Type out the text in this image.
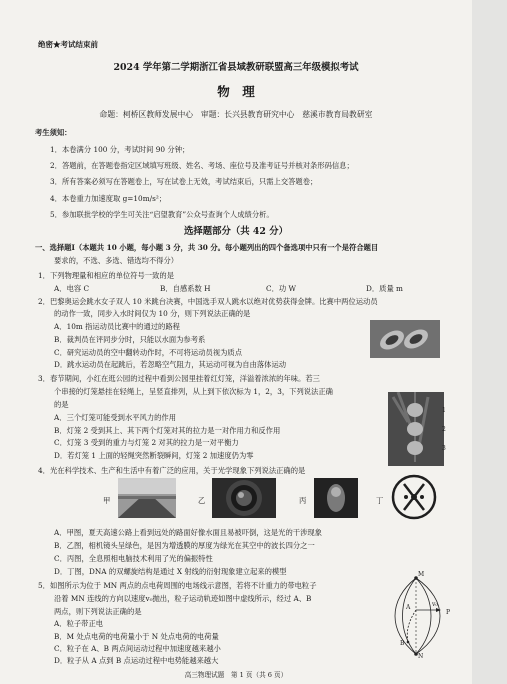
绝密★考试结束前
2024 学年第二学期浙江省县域教研联盟高三年级模拟考试
物　理
命题：柯桥区教师发展中心　审题：长兴县教育研究中心　慈溪市教育局教研室
考生须知：
1．本卷满分 100 分，考试时间 90 分钟；
2．答题前，在答题卷指定区域填写班级、姓名、考场、座位号及准考证号并核对条形码信息；
3．所有答案必须写在答题卷上，写在试卷上无效，考试结束后，只需上交答题卷；
4．本卷重力加速度取 g=10m/s²；
5．参加联批学校的学生可关注“启望教育”公众号查询个人成绩分析。
选择题部分（共 42 分）
一、选择题Ⅰ（本题共 10 小题，每小题 3 分，共 30 分。每小题列出的四个备选项中只有一个是符合题目
要求的，不选、多选、错选均不得分）
1．下列物理量和相应的单位符号一致的是
A．电容 C	B．自感系数 H	C．功 W	D．质量 m
2．巴黎奥运会跳水女子双人 10 米跳台决赛，中国选手双人跳水以绝对优势获得金牌。比赛中两位运动员
的动作一致，同步入水时间仅为 10 分，则下列说法正确的是
A．10m 指运动员比赛中的通过的路程
B．裁判员在评同步分时，只能以水面为参考系
C．研究运动员的空中翻转动作时，不可将运动员视为质点
D．跳水运动员在起跳后，若忽略空气阻力，其运动可视为自由落体运动
3．春节期间，小红在逛公园的过程中看到公园里挂着红灯笼，洋溢着浓浓的年味。若三
个串接的灯笼悬挂在轻绳上，呈竖直排列，从上到下依次标为 1，2，3，下列说法正确
的是
A．三个灯笼可能受到水平风力的作用
B．灯笼 2 受到其上、其下两个灯笼对其的拉力是一对作用力和反作用
C．灯笼 3 受到的重力与灯笼 2 对其的拉力是一对平衡力
D．若灯笼 1 上面的轻绳突然断裂瞬间，灯笼 2 加速度仍为零
1
2
3
4．光在科学技术、生产和生活中有着广泛的应用，关于光学现象下列说法正确的是
甲	乙	丙	丁
A．甲图，夏天高速公路上看到远处的路面好像水面且易被吓倒，这是光的干涉现象
B．乙图，相机镜头呈绿色，是因为增透膜的厚度为绿光在其空中的波长四分之一
C．丙图，全息照相电脑技术利用了光的偏振特性
D．丁图，DNA 的双螺旋结构是通过 X 射线的衍射现象建立起来的模型
5．如图所示为位于 MN 两点的点电荷周围的电场线示意图，若将不计重力的带电粒子
沿着 MN 连线的方向以速度v₀抛出，粒子运动轨迹如图中虚线所示，经过 A、B
两点，则下列说法正确的是
A．粒子带正电
B．M 处点电荷的电荷量小于 N 处点电荷的电荷量
C．粒子在 A、B 两点间运动过程中加速度越来越小
D．粒子从 A 点到 B 点运动过程中电势能越来越大
M
N
A
B
P
v₀
高三物理试题　第 1 页（共 6 页）
